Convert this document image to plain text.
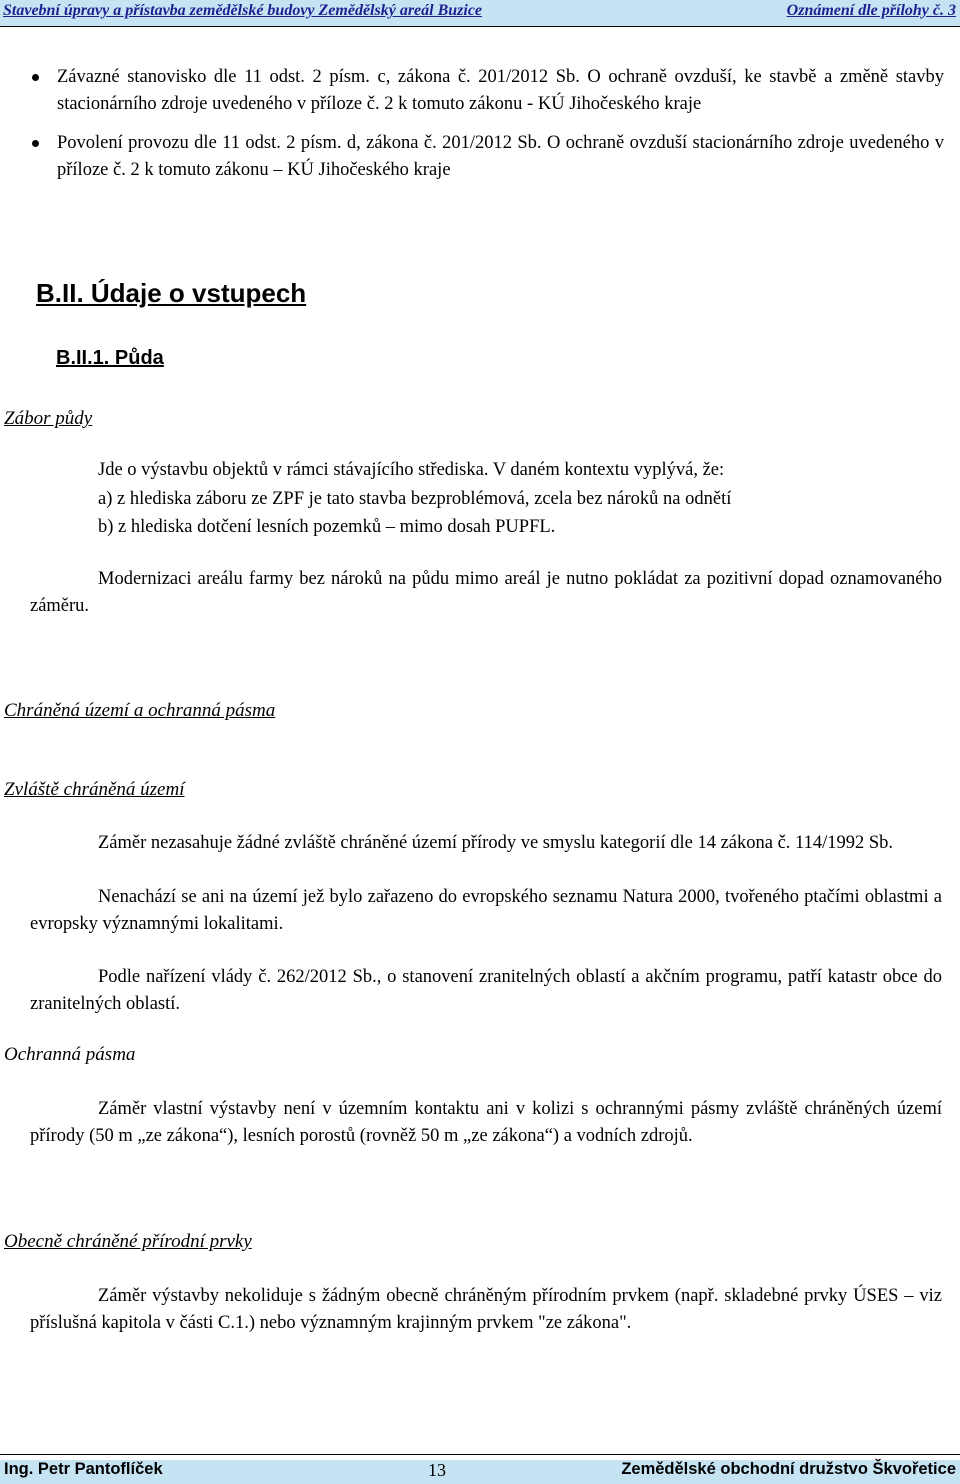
Stavební úpravy a přístavba zemědělské budovy Zemědělský areál Buzice	Oznámení dle přílohy č. 3
Závazné stanovisko dle 11 odst. 2 písm. c, zákona č. 201/2012 Sb. O ochraně ovzduší, ke stavbě a změně stavby stacionárního zdroje uvedeného v příloze č. 2 k tomuto zákonu - KÚ Jihočeského kraje
Povolení provozu dle 11 odst. 2 písm. d, zákona č. 201/2012 Sb. O ochraně ovzduší stacionárního zdroje uvedeného v příloze č. 2 k tomuto zákonu – KÚ Jihočeského kraje
B.II. Údaje o vstupech
B.II.1. Půda
Zábor půdy
Jde o výstavbu objektů v rámci stávajícího střediska. V daném kontextu vyplývá, že:
a) z hlediska záboru ze ZPF je tato stavba bezproblémová, zcela bez nároků na odnětí
b) z hlediska dotčení lesních pozemků – mimo dosah PUPFL.
Modernizaci areálu farmy bez nároků na půdu mimo areál je nutno pokládat za pozitivní dopad oznamovaného záměru.
Chráněná území a ochranná pásma
Zvláště chráněná území
Záměr nezasahuje žádné zvláště chráněné území přírody ve smyslu kategorií dle 14 zákona č. 114/1992 Sb.
Nenachází se ani na území jež bylo zařazeno do evropského seznamu Natura 2000, tvořeného ptačími oblastmi a evropsky významnými lokalitami.
Podle nařízení vlády č. 262/2012 Sb., o stanovení zranitelných oblastí a akčním programu, patří katastr obce do zranitelných oblastí.
Ochranná pásma
Záměr vlastní výstavby není v územním kontaktu ani v kolizi s ochrannými pásmy zvláště chráněných území přírody (50 m „ze zákona“), lesních porostů (rovněž 50 m „ze zákona“) a vodních zdrojů.
Obecně chráněné přírodní prvky
Záměr výstavby nekoliduje s žádným obecně chráněným přírodním prvkem (např. skladebné prvky ÚSES – viz příslušná kapitola v části C.1.) nebo významným krajinným prvkem "ze zákona".
Ing. Petr Pantoflíček	13	Zemědělské obchodní družstvo Škvořetice
